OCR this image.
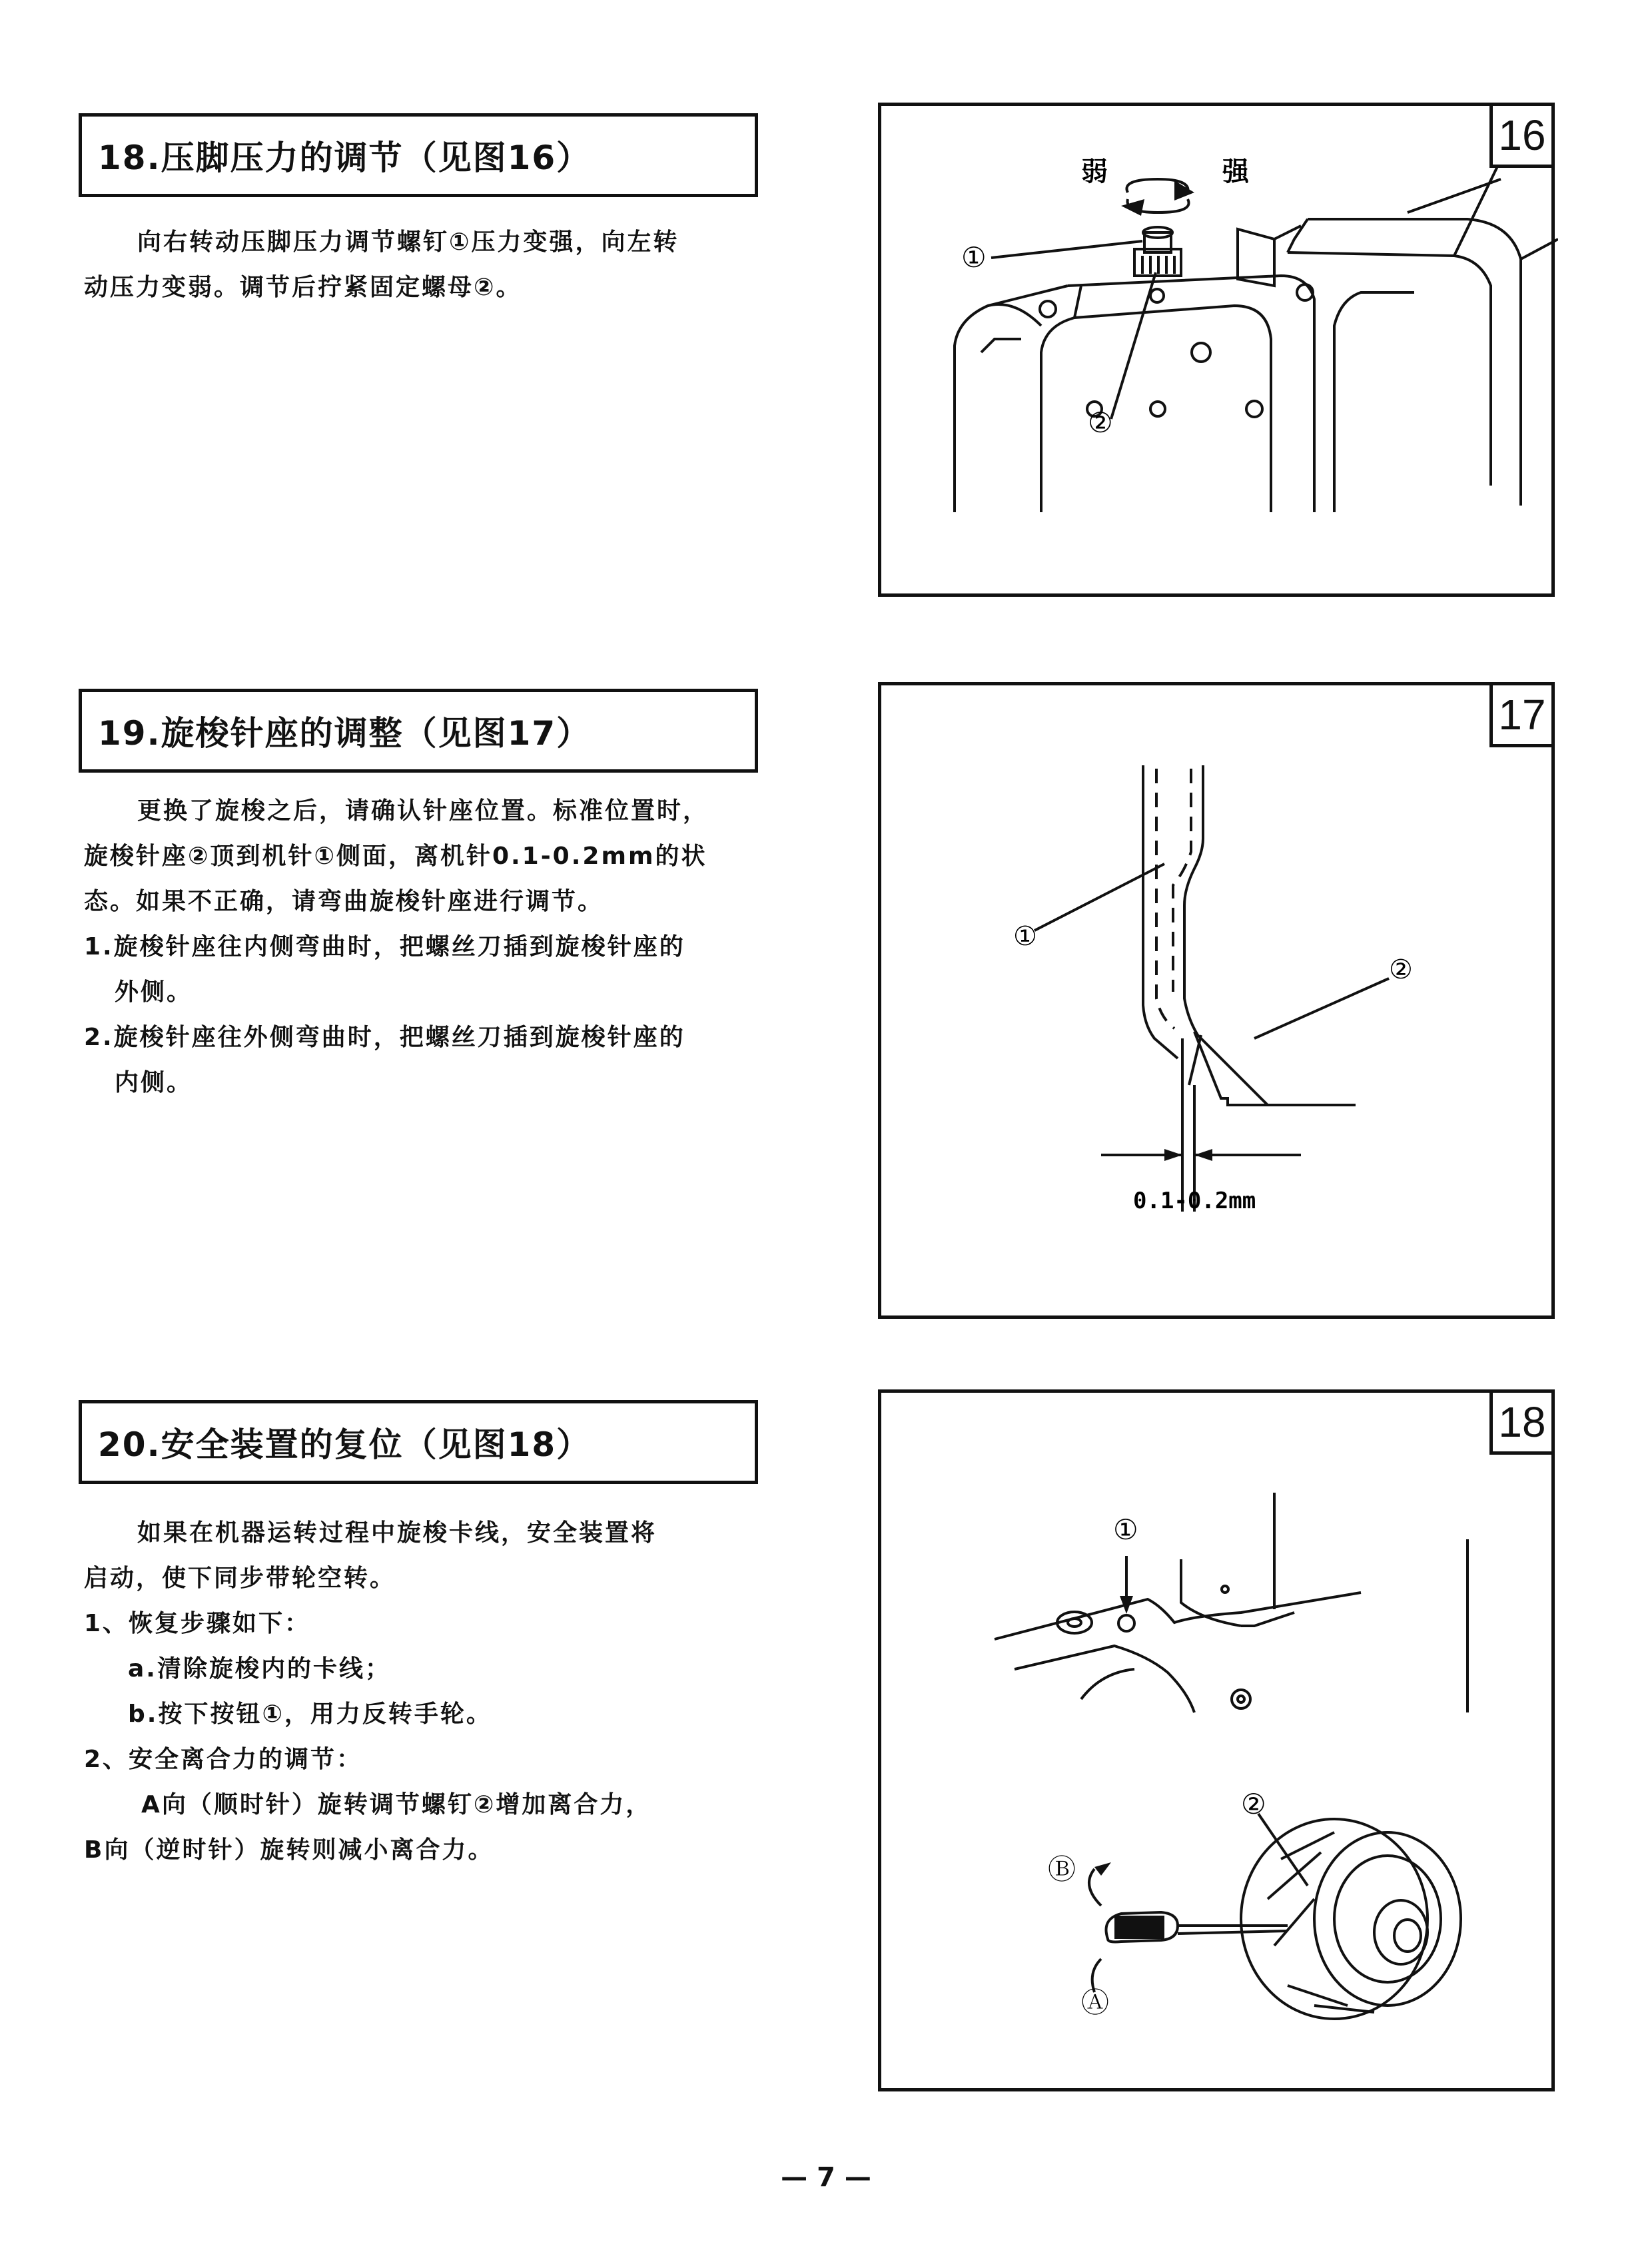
18.压脚压力的调节（见图16）
向右转动压脚压力调节螺钉①压力变强，向左转
动压力变弱。调节后拧紧固定螺母②。
弱	强
①
②
16
19.旋梭针座的调整（见图17）
更换了旋梭之后，请确认针座位置。标准位置时，
旋梭针座②顶到机针①侧面，离机针0.1-0.2mm的状
态。如果不正确，请弯曲旋梭针座进行调节。
1.旋梭针座往内侧弯曲时，把螺丝刀插到旋梭针座的
外侧。
2.旋梭针座往外侧弯曲时，把螺丝刀插到旋梭针座的
内侧。
①
②
0.1-0.2mm
17
20.安全装置的复位（见图18）
如果在机器运转过程中旋梭卡线，安全装置将
启动，使下同步带轮空转。
1、恢复步骤如下：
a.清除旋梭内的卡线；
b.按下按钮①，用力反转手轮。
2、安全离合力的调节：
A向（顺时针）旋转调节螺钉②增加离合力，
B向（逆时针）旋转则减小离合力。
①
②
Ⓑ
Ⓐ
18
— 7 —
